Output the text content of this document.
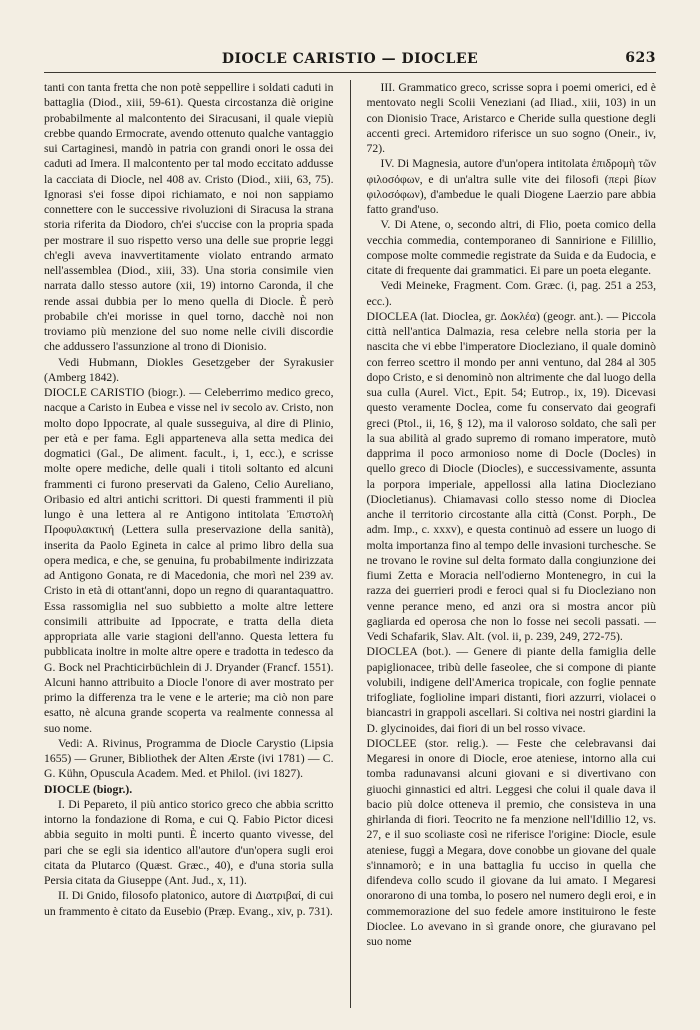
DIOCLE CARISTIO — DIOCLEE	623

tanti con tanta fretta che non potè seppellire i soldati caduti in battaglia (Diod., xiii, 59-61). Questa circostanza diè origine probabilmente al malcontento dei Siracusani, il quale viepiù crebbe quando Ermocrate, avendo ottenuto qualche vantaggio sui Cartaginesi, mandò in patria con grandi onori le ossa dei caduti ad Imera. Il malcontento per tal modo eccitato addusse la cacciata di Diocle, nel 408 av. Cristo (Diod., xiii, 63, 75). Ignorasi s'ei fosse dipoi richiamato, e noi non sappiamo connettere con le successive rivoluzioni di Siracusa la strana storia riferita da Diodoro, ch'ei s'uccise con la propria spada per mostrare il suo rispetto verso una delle sue proprie leggi ch'egli aveva inavvertitamente violato entrando armato nell'assemblea (Diod., xiii, 33). Una storia consimile vien narrata dallo stesso autore (xii, 19) intorno Caronda, il che rende assai dubbia per lo meno quella di Diocle. È però probabile ch'ei morisse in quel torno, dacchè noi non troviamo più menzione del suo nome nelle civili discordie che addussero l'assunzione al trono di Dionisio.

Vedi Hubmann, Diokles Gesetzgeber der Syrakusier (Amberg 1842).

DIOCLE CARISTIO (biogr.). — Celeberrimo medico greco, nacque a Caristo in Eubea e visse nel iv secolo av. Cristo, non molto dopo Ippocrate, al quale susseguiva, al dire di Plinio, per età e per fama. Egli apparteneva alla setta medica dei dogmatici (Gal., De aliment. facult., i, 1, ecc.), e scrisse molte opere mediche, delle quali i titoli soltanto ed alcuni frammenti ci furono preservati da Galeno, Celio Aureliano, Oribasio ed altri antichi scrittori. Di questi frammenti il più lungo è una lettera al re Antigono intitolata Ἐπιστολὴ Προφυλακτική (Lettera sulla preservazione della sanità), inserita da Paolo Egineta in calce al primo libro della sua opera medica, e che, se genuina, fu probabilmente indirizzata ad Antigono Gonata, re di Macedonia, che morì nel 239 av. Cristo in età di ottant'anni, dopo un regno di quarantaquattro. Essa rassomiglia nel suo subbietto a molte altre lettere consimili attribuite ad Ippocrate, e tratta della dieta appropriata alle varie stagioni dell'anno. Questa lettera fu pubblicata inoltre in molte altre opere e tradotta in tedesco da G. Bock nel Prachticirbüchlein di J. Dryander (Francf. 1551). Alcuni hanno attribuito a Diocle l'onore di aver mostrato per primo la differenza tra le vene e le arterie; ma ciò non pare esatto, nè alcuna grande scoperta va realmente connessa al suo nome.

Vedi: A. Rivinus, Programma de Diocle Carystio (Lipsia 1655) — Gruner, Bibliothek der Alten Ærste (ivi 1781) — C. G. Kühn, Opuscula Academ. Med. et Philol. (ivi 1827).

DIOCLE (biogr.).

I. Di Pepareto, il più antico storico greco che abbia scritto intorno la fondazione di Roma, e cui Q. Fabio Pictor dicesi abbia seguito in molti punti. È incerto quanto vivesse, del pari che se egli sia identico all'autore d'un'opera sugli eroi citata da Plutarco (Quæst. Græc., 40), e d'una storia sulla Persia citata da Giuseppe (Ant. Jud., x, 11).

II. Di Gnido, filosofo platonico, autore di Διατριβαί, di cui un frammento è citato da Eusebio (Præp. Evang., xiv, p. 731).

III. Grammatico greco, scrisse sopra i poemi omerici, ed è mentovato negli Scolii Veneziani (ad Iliad., xiii, 103) in un con Dionisio Trace, Aristarco e Cheride sulla questione degli accenti greci. Artemidoro riferisce un suo sogno (Oneir., iv, 72).

IV. Di Magnesia, autore d'un'opera intitolata ἐπιδρομὴ τῶν φιλοσόφων, e di un'altra sulle vite dei filosofi (περὶ βίων φιλοσόφων), d'ambedue le quali Diogene Laerzio pare abbia fatto grand'uso.

V. Di Atene, o, secondo altri, di Flio, poeta comico della vecchia commedia, contemporaneo di Sannirione e Filillio, compose molte commedie registrate da Suida e da Eudocia, e citate di frequente dai grammatici. Ei pare un poeta elegante.

Vedi Meineke, Fragment. Com. Græc. (i, pag. 251 a 253, ecc.).

DIOCLEA (lat. Dioclea, gr. Δοκλέα) (geogr. ant.). — Piccola città nell'antica Dalmazia, resa celebre nella storia per la nascita che vi ebbe l'imperatore Diocleziano, il quale dominò con ferreo scettro il mondo per anni ventuno, dal 284 al 305 dopo Cristo, e si denominò non altrimente che dal luogo della sua culla (Aurel. Vict., Epit. 54; Eutrop., ix, 19). Dicevasi questo veramente Doclea, come fu conservato dai geografi greci (Ptol., ii, 16, § 12), ma il valoroso soldato, che salì per la sua abilità al grado supremo di romano imperatore, mutò dapprima il poco armonioso nome di Docle (Docles) in quello greco di Diocle (Diocles), e successivamente, assunta la porpora imperiale, appellossi alla latina Diocleziano (Diocletianus). Chiamavasi collo stesso nome di Dioclea anche il territorio circostante alla città (Const. Porph., De adm. Imp., c. xxxv), e questa continuò ad essere un luogo di molta importanza fino al tempo delle invasioni turchesche. Se ne trovano le rovine sul delta formato dalla congiunzione dei fiumi Zetta e Moracia nell'odierno Montenegro, in cui la razza dei guerrieri prodi e feroci qual si fu Diocleziano non venne perance meno, ed anzi ora si mostra ancor più gagliarda ed operosa che non lo fosse nei secoli passati. — Vedi Schafarik, Slav. Alt. (vol. ii, p. 239, 249, 272-75).

DIOCLEA (bot.). — Genere di piante della famiglia delle papiglionacee, tribù delle faseolee, che si compone di piante volubili, indigene dell'America tropicale, con foglie pennate trifogliate, foglioline impari distanti, fiori azzurri, violacei o biancastri in grappoli ascellari. Si coltiva nei nostri giardini la D. glycinoides, dai fiori di un bel rosso vivace.

DIOCLEE (stor. relig.). — Feste che celebravansi dai Megaresi in onore di Diocle, eroe ateniese, intorno alla cui tomba radunavansi alcuni giovani e si divertivano con giuochi ginnastici ed altri. Leggesi che colui il quale dava il bacio più dolce otteneva il premio, che consisteva in una ghirlanda di fiori. Teocrito ne fa menzione nell'Idillio 12, vs. 27, e il suo scoliaste così ne riferisce l'origine: Diocle, esule ateniese, fuggì a Megara, dove conobbe un giovane del quale s'innamorò; e in una battaglia fu ucciso in quella che difendeva collo scudo il giovane da lui amato. I Megaresi onorarono di una tomba, lo posero nel numero degli eroi, e in commemorazione del suo fedele amore instituirono le feste Dioclee. Lo avevano in sì grande onore, che giuravano pel suo nome
